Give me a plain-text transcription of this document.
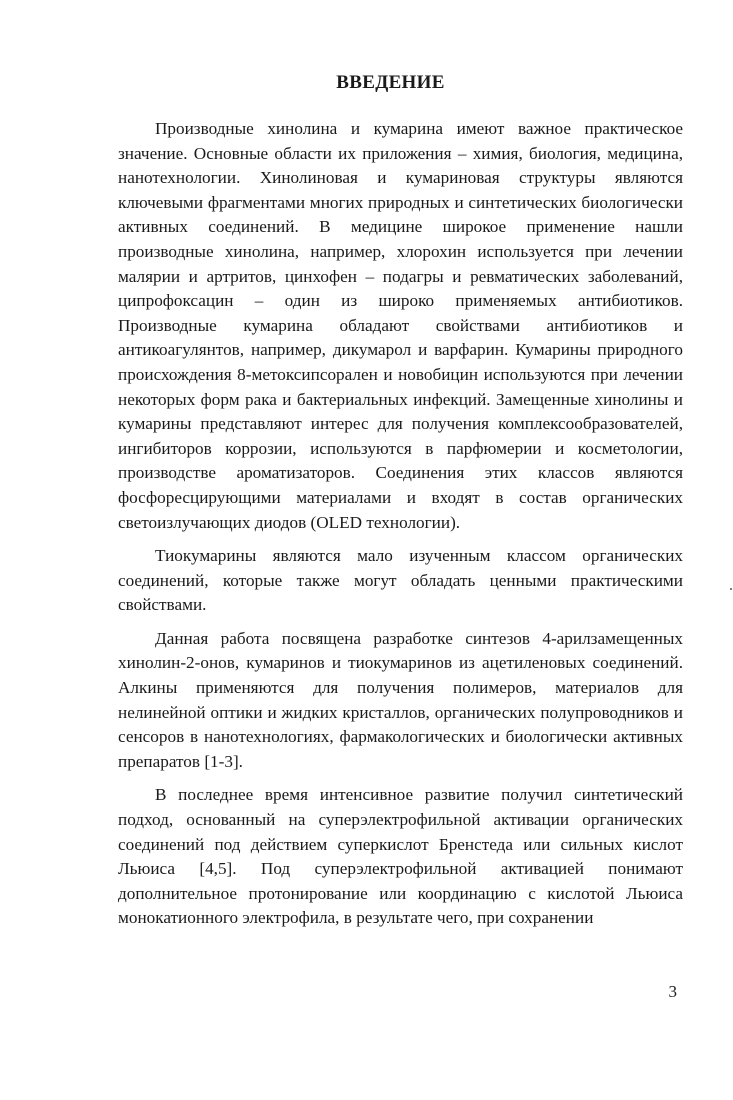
ВВЕДЕНИЕ

Производные хинолина и кумарина имеют важное практическое значение. Основные области их приложения – химия, биология, медицина, нанотехнологии. Хинолиновая и кумариновая структуры являются ключевыми фрагментами многих природных и синтетических биологически активных соединений. В медицине широкое применение нашли производные хинолина, например, хлорохин используется при лечении малярии и артритов, цинхофен – подагры и ревматических заболеваний, ципрофоксацин – один из широко применяемых антибиотиков. Производные кумарина обладают свойствами антибиотиков и антикоагулянтов, например, дикумарол и варфарин. Кумарины природного происхождения 8-метоксипсорален и новобицин используются при лечении некоторых форм рака и бактериальных инфекций. Замещенные хинолины и кумарины представляют интерес для получения комплексообразователей, ингибиторов коррозии, используются в парфюмерии и косметологии, производстве ароматизаторов. Соединения этих классов являются фосфоресцирующими материалами и входят в состав органических светоизлучающих диодов (OLED технологии).

Тиокумарины являются мало изученным классом органических соединений, которые также могут обладать ценными практическими свойствами.

Данная работа посвящена разработке синтезов 4-арилзамещенных хинолин-2-онов, кумаринов и тиокумаринов из ацетиленовых соединений. Алкины применяются для получения полимеров, материалов для нелинейной оптики и жидких кристаллов, органических полупроводников и сенсоров в нанотехнологиях, фармакологических и биологически активных препаратов [1-3].

В последнее время интенсивное развитие получил синтетический подход, основанный на суперэлектрофильной активации органических соединений под действием суперкислот Бренстеда или сильных кислот Льюиса [4,5]. Под суперэлектрофильной активацией понимают дополнительное протонирование или координацию с кислотой Льюиса монокатионного электрофила, в результате чего, при сохранении

3
